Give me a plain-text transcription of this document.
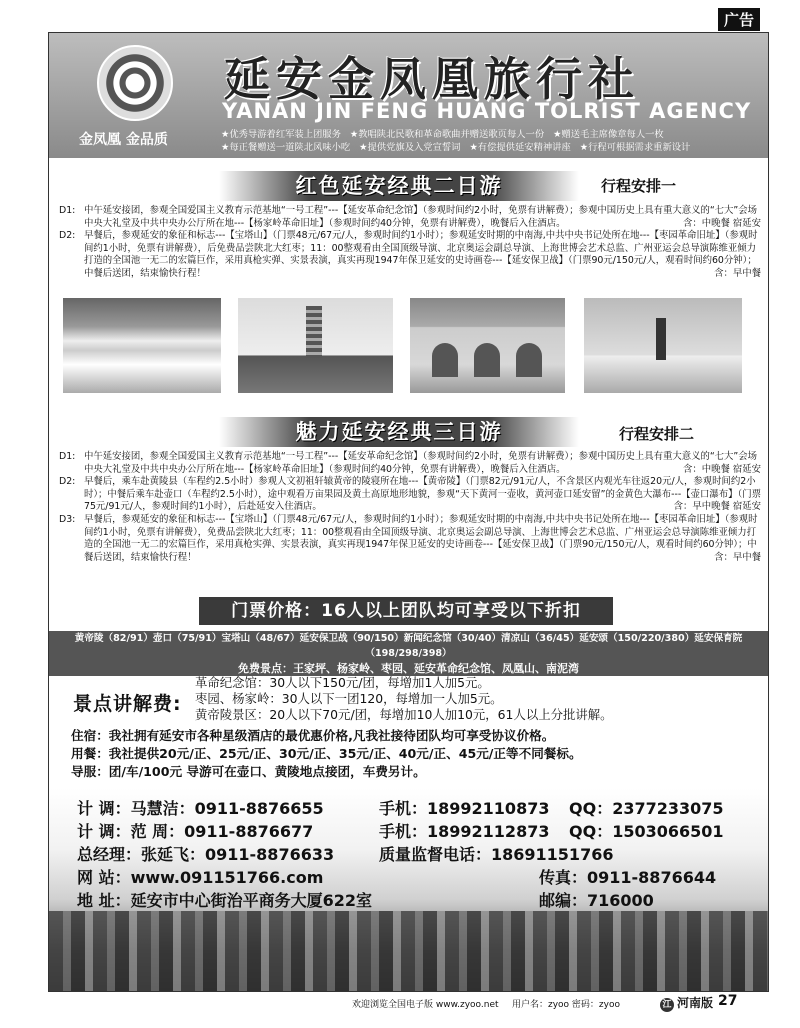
广告
金凤凰 金品质
延安金凤凰旅行社
YANAN JIN FENG HUANG TOLRIST AGENCY
★优秀导游着红军装上团服务 ★教唱陕北民歌和革命歌曲并赠送歌页每人一份 ★赠送毛主席像章每人一枚
★每正餐赠送一道陕北风味小吃 ★提供党旗及入党宣誓词 ★有偿提供延安精神讲座 ★行程可根据需求重新设计
红色延安经典二日游	行程安排一
D1: 中午延安接团，参观全国爱国主义教育示范基地“一号工程”---【延安革命纪念馆】（参观时间约2小时，免票有讲解费）；参观中国历史上具有重大意义的“七大”会场中央大礼堂及中共中央办公厅所在地---【杨家岭革命旧址】（参观时间约40分钟，免票有讲解费），晚餐后入住酒店。	含：中晚餐 宿延安
D2: 早餐后，参观延安的象征和标志---【宝塔山】（门票48元/67元/人，参观时间约1小时）；参观延安时期的中南海,中共中央书记处所在地---【枣园革命旧址】（参观时间约1小时，免票有讲解费），后免费品尝陕北大红枣；11：00整观看由全国顶级导演、北京奥运会副总导演、上海世博会艺术总监、广州亚运会总导演陈维亚倾力打造的全国池一无二的宏篇巨作，采用真枪实弹、实景表演，真实再现1947年保卫延安的史诗画卷---【延安保卫战】（门票90元/150元/人，观看时间约60分钟）；中餐后送团，结束愉快行程！	含：早中餐
魅力延安经典三日游	行程安排二
D1: 中午延安接团，参观全国爱国主义教育示范基地“一号工程”---【延安革命纪念馆】（参观时间约2小时，免票有讲解费）；参观中国历史上具有重大意义的“七大”会场中央大礼堂及中共中央办公厅所在地---【杨家岭革命旧址】（参观时间约40分钟，免票有讲解费），晚餐后入住酒店。	含：中晚餐 宿延安
D2: 早餐后，乘车赴黄陵县（车程约2.5小时）参观人文初祖轩辕黄帝的陵寝所在地---【黄帝陵】（门票82元/91元/人，不含景区内观光车往返20元/人，参观时间约2小时）；中餐后乘车赴壶口（车程约2.5小时），途中观看万亩果园及黄土高原地形地貌，参观“天下黄河一壶收，黄河壶口延安留”的金黄色大瀑布---【壶口瀑布】（门票75元/91元/人，参观时间约1小时），后赴延安入住酒店。	含：早中晚餐 宿延安
D3: 早餐后，参观延安的象征和标志---【宝塔山】（门票48元/67元/人，参观时间约1小时）；参观延安时期的中南海,中共中央书记处所在地---【枣园革命旧址】（参观时间约1小时，免票有讲解费），免费品尝陕北大红枣；11：00整观看由全国顶级导演、北京奥运会副总导演、上海世博会艺术总监、广州亚运会总导演陈维亚倾力打造的全国池一无二的宏篇巨作，采用真枪实弹、实景表演，真实再现1947年保卫延安的史诗画卷---【延安保卫战】（门票90元/150元/人，观看时间约60分钟）；中餐后送团，结束愉快行程！	含：早中餐
门票价格：16人以上团队均可享受以下折扣
黄帝陵（82/91）壶口（75/91）宝塔山（48/67）延安保卫战（90/150）新闻纪念馆（30/40）清凉山（36/45）延安颂（150/220/380）延安保育院（198/298/398）
免费景点：王家坪、杨家岭、枣园、延安革命纪念馆、凤凰山、南泥湾
景点讲解费:
革命纪念馆：30人以下150元/团，每增加1人加5元。
枣园、杨家岭：30人以下一团120，每增加一人加5元。
黄帝陵景区：20人以下70元/团，每增加10人加10元，61人以上分批讲解。
住宿：我社拥有延安市各种星级酒店的最优惠价格,凡我社接待团队均可享受协议价格。
用餐：我社提供20元/正、25元/正、30元/正、35元/正、40元/正、45元/正等不同餐标。
导服：团/车/100元 导游可在壶口、黄陵地点接团，车费另计。
计 调：马慧洁：0911-8876655	手机：18992110873 QQ：2377233075
计 调：范 周：0911-8876677	手机：18992112873 QQ：1503066501
总经理：张延飞：0911-8876633	质量监督电话：18691151766
网 站：www.091151766.com	传真：0911-8876644
地 址：延安市中心街治平商务大厦622室	邮编：716000
欢迎浏览全国电子版 www.zyoo.net 用户名：zyoo 密码：zyoo	江 河南版 27
